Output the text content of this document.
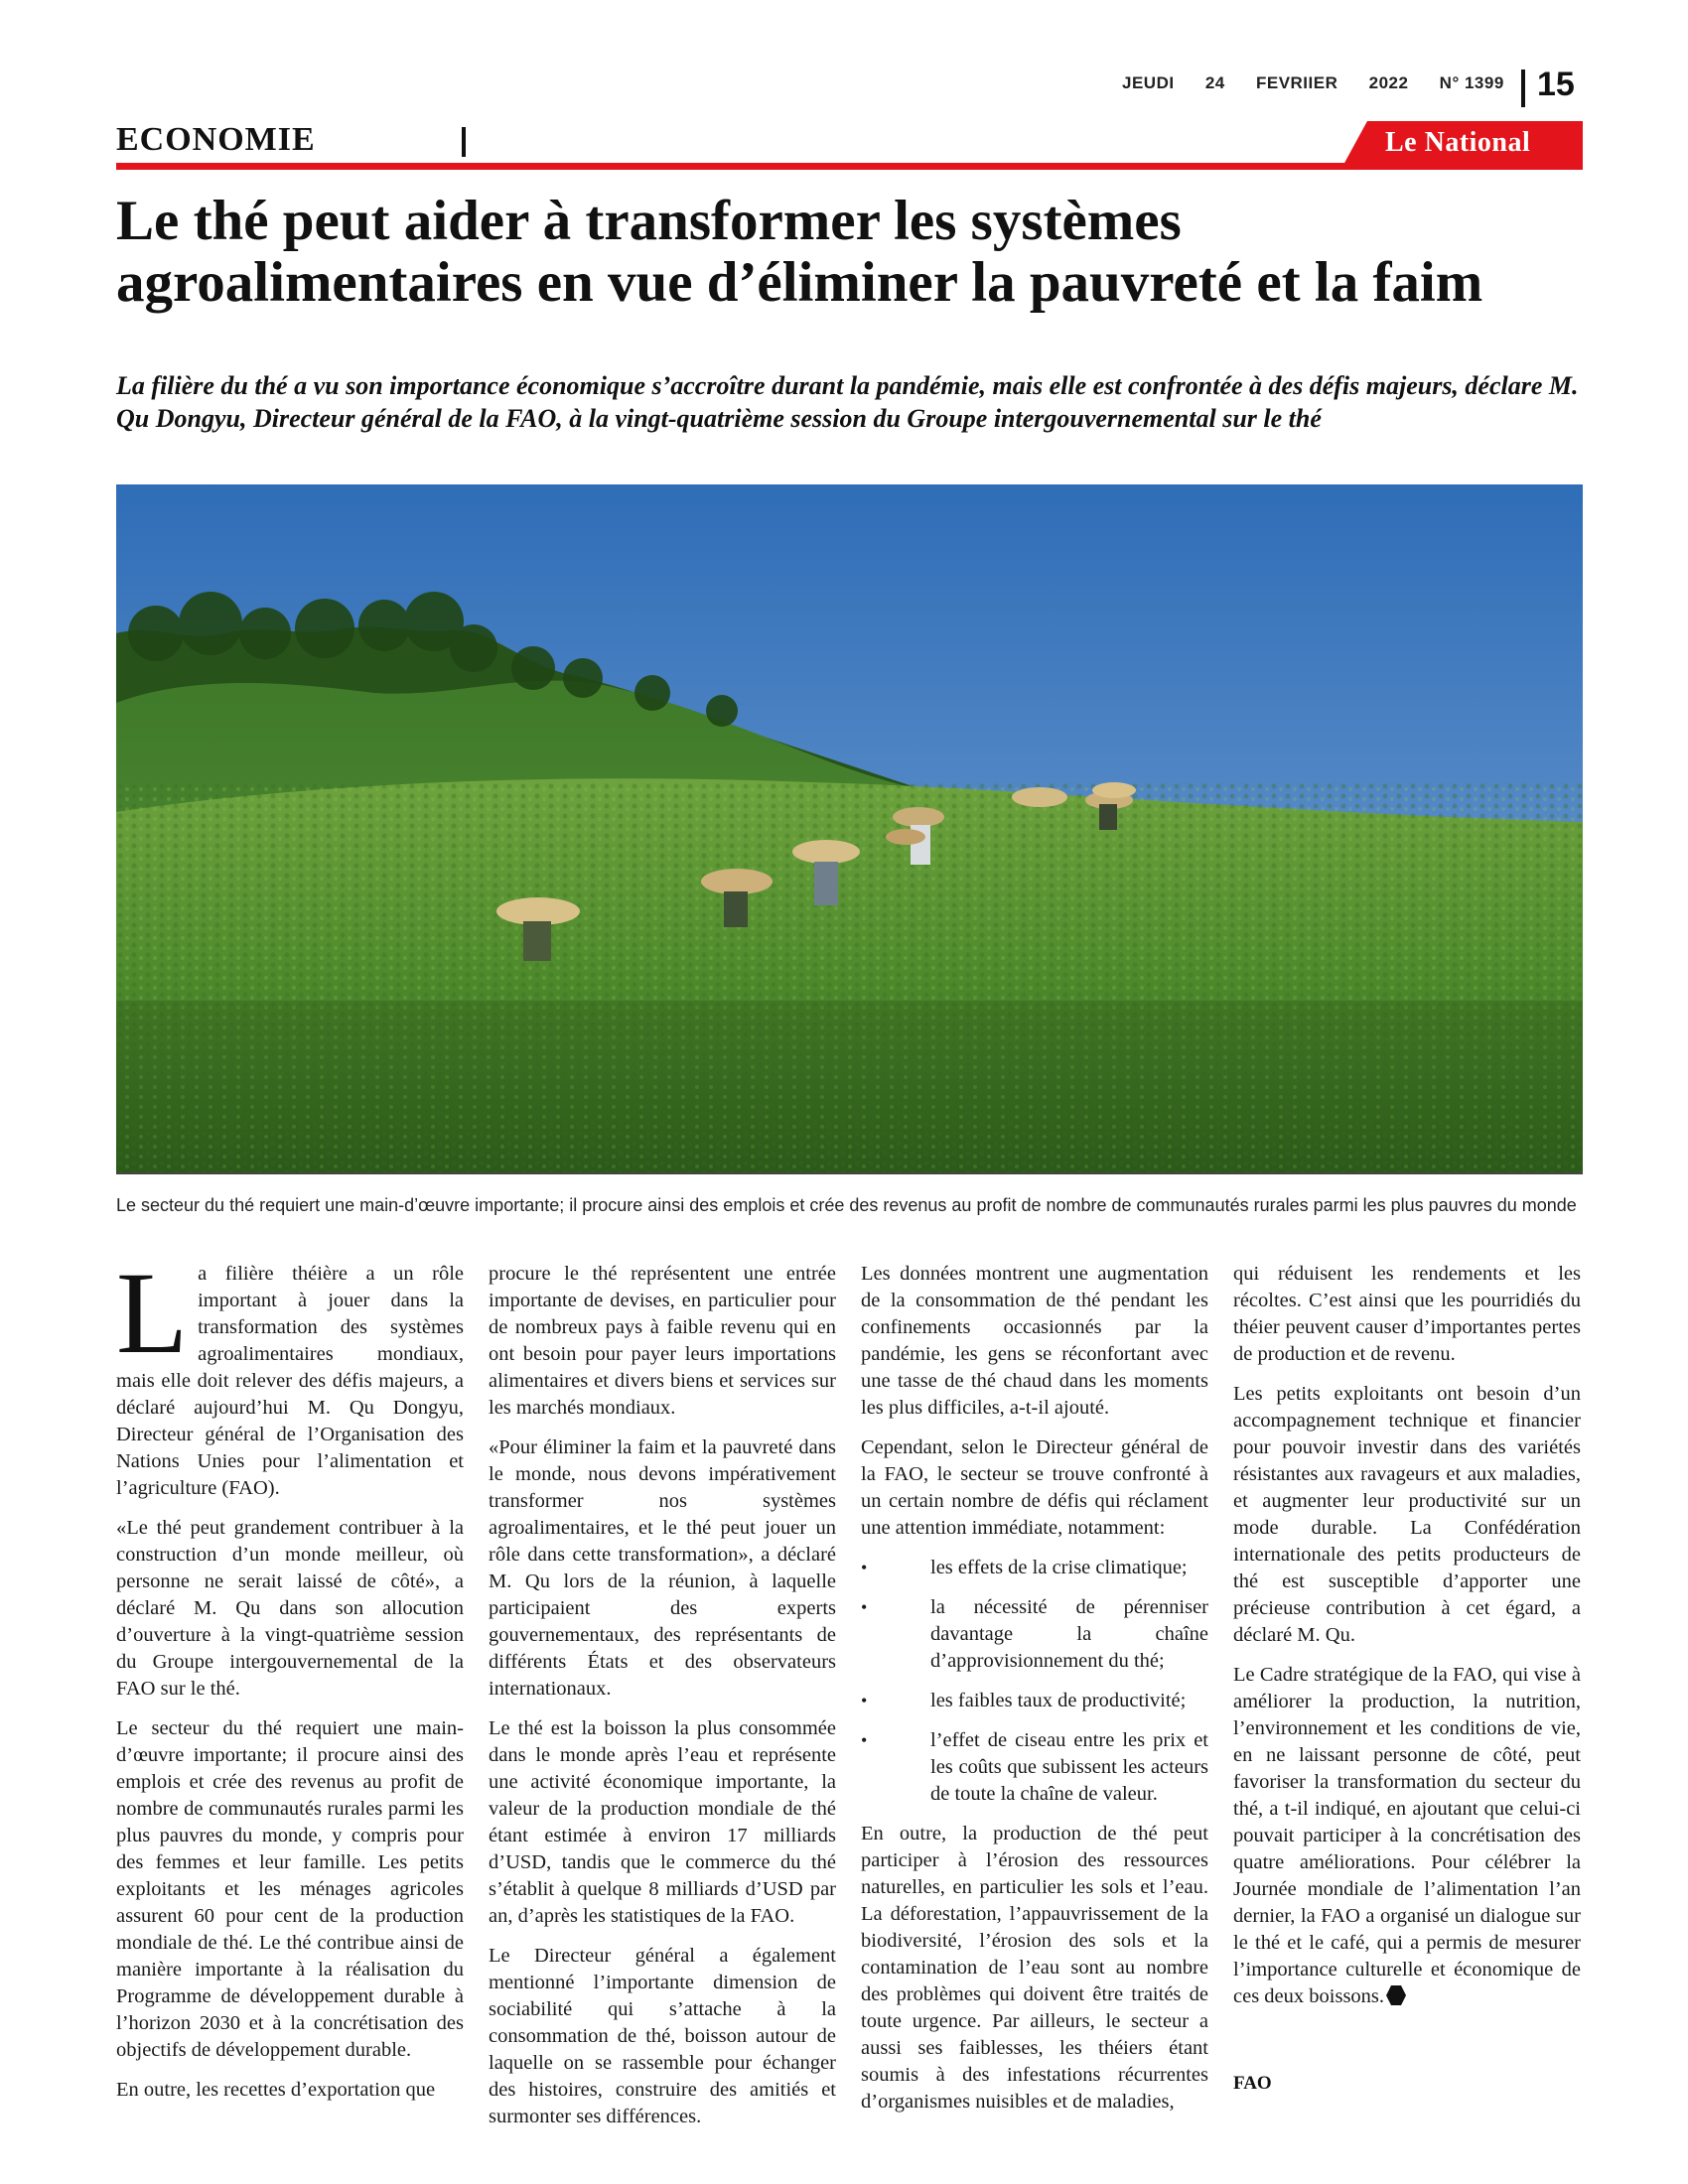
JEUDI 24 FEVRIIER 2022 N° 1399 15
ECONOMIE	Le National
Le thé peut aider à transformer les systèmes agroalimentaires en vue d’éliminer la pauvreté et la faim

La filière du thé a vu son importance économique s’accroître durant la pandémie, mais elle est confrontée à des défis majeurs, déclare M. Qu Dongyu, Directeur général de la FAO, à la vingt-quatrième session du Groupe intergouvernemental sur le thé

Le secteur du thé requiert une main-d’œuvre importante; il procure ainsi des emplois et crée des revenus au profit de nombre de communautés rurales parmi les plus pauvres du monde

La filière théière a un rôle important à jouer dans la transformation des systèmes agroalimentaires mondiaux, mais elle doit relever des défis majeurs, a déclaré aujourd’hui M. Qu Dongyu, Directeur général de l’Organisation des Nations Unies pour l’alimentation et l’agriculture (FAO).

«Le thé peut grandement contribuer à la construction d’un monde meilleur, où personne ne serait laissé de côté», a déclaré M. Qu dans son allocution d’ouverture à la vingt-quatrième session du Groupe intergouvernemental de la FAO sur le thé.

Le secteur du thé requiert une main-d’œuvre importante; il procure ainsi des emplois et crée des revenus au profit de nombre de communautés rurales parmi les plus pauvres du monde, y compris pour des femmes et leur famille. Les petits exploitants et les ménages agricoles assurent 60 pour cent de la production mondiale de thé. Le thé contribue ainsi de manière importante à la réalisation du Programme de développement durable à l’horizon 2030 et à la concrétisation des objectifs de développement durable.

En outre, les recettes d’exportation que

procure le thé représentent une entrée importante de devises, en particulier pour de nombreux pays à faible revenu qui en ont besoin pour payer leurs importations alimentaires et divers biens et services sur les marchés mondiaux.

«Pour éliminer la faim et la pauvreté dans le monde, nous devons impérativement transformer nos systèmes agroalimentaires, et le thé peut jouer un rôle dans cette transformation», a déclaré M. Qu lors de la réunion, à laquelle participaient des experts gouvernementaux, des représentants de différents États et des observateurs internationaux.

Le thé est la boisson la plus consommée dans le monde après l’eau et représente une activité économique importante, la valeur de la production mondiale de thé étant estimée à environ 17 milliards d’USD, tandis que le commerce du thé s’établit à quelque 8 milliards d’USD par an, d’après les statistiques de la FAO.

Le Directeur général a également mentionné l’importante dimension de sociabilité qui s’attache à la consommation de thé, boisson autour de laquelle on se rassemble pour échanger des histoires, construire des amitiés et surmonter ses différences.

Les données montrent une augmentation de la consommation de thé pendant les confinements occasionnés par la pandémie, les gens se réconfortant avec une tasse de thé chaud dans les moments les plus difficiles, a-t-il ajouté.

Cependant, selon le Directeur général de la FAO, le secteur se trouve confronté à un certain nombre de défis qui réclament une attention immédiate, notamment:

•	les effets de la crise climatique;

•	la nécessité de pérenniser davantage la chaîne d’approvisionnement du thé;

•	les faibles taux de productivité;

•	l’effet de ciseau entre les prix et les coûts que subissent les acteurs de toute la chaîne de valeur.

En outre, la production de thé peut participer à l’érosion des ressources naturelles, en particulier les sols et l’eau. La déforestation, l’appauvrissement de la biodiversité, l’érosion des sols et la contamination de l’eau sont au nombre des problèmes qui doivent être traités de toute urgence. Par ailleurs, le secteur a aussi ses faiblesses, les théiers étant soumis à des infestations récurrentes d’organismes nuisibles et de maladies,

qui réduisent les rendements et les récoltes. C’est ainsi que les pourridiés du théier peuvent causer d’importantes pertes de production et de revenu.

Les petits exploitants ont besoin d’un accompagnement technique et financier pour pouvoir investir dans des variétés résistantes aux ravageurs et aux maladies, et augmenter leur productivité sur un mode durable. La Confédération internationale des petits producteurs de thé est susceptible d’apporter une précieuse contribution à cet égard, a déclaré M. Qu.

Le Cadre stratégique de la FAO, qui vise à améliorer la production, la nutrition, l’environnement et les conditions de vie, en ne laissant personne de côté, peut favoriser la transformation du secteur du thé, a t-il indiqué, en ajoutant que celui-ci pouvait participer à la concrétisation des quatre améliorations. Pour célébrer la Journée mondiale de l’alimentation l’an dernier, la FAO a organisé un dialogue sur le thé et le café, qui a permis de mesurer l’importance culturelle et économique de ces deux boissons.

FAO
